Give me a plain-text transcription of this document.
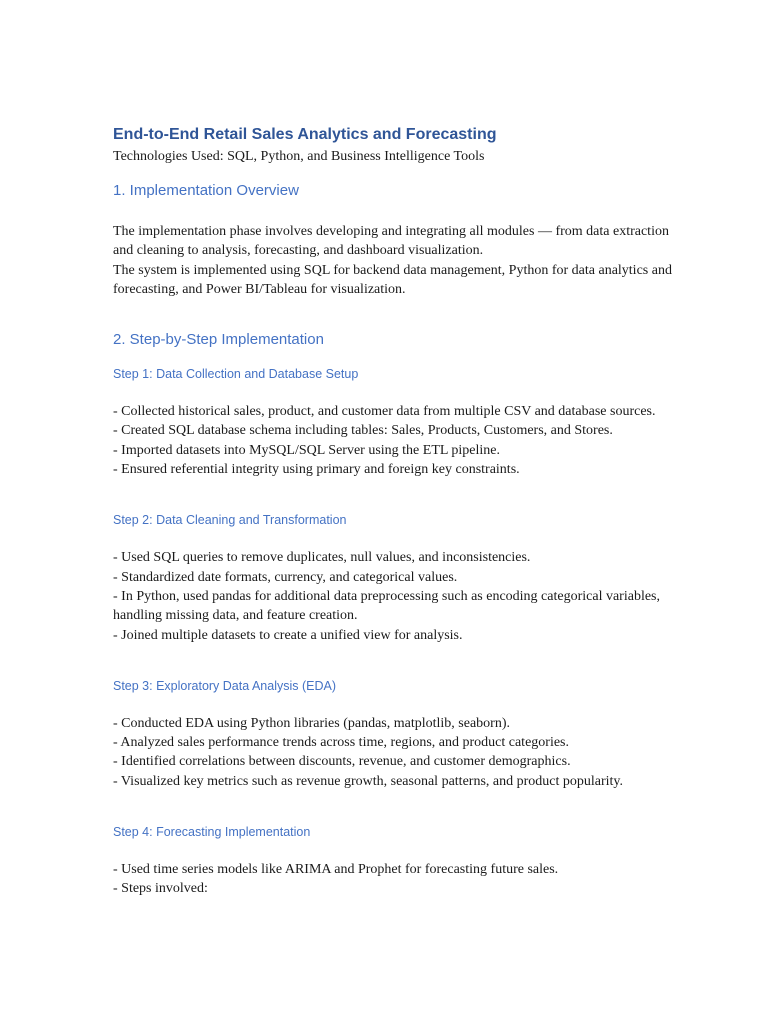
End-to-End Retail Sales Analytics and Forecasting

Technologies Used: SQL, Python, and Business Intelligence Tools

1. Implementation Overview

The implementation phase involves developing and integrating all modules — from data extraction and cleaning to analysis, forecasting, and dashboard visualization.

The system is implemented using SQL for backend data management, Python for data analytics and forecasting, and Power BI/Tableau for visualization.

2. Step-by-Step Implementation
Step 1: Data Collection and Database Setup

- Collected historical sales, product, and customer data from multiple CSV and database sources.

- Created SQL database schema including tables: Sales, Products, Customers, and Stores.

- Imported datasets into MySQL/SQL Server using the ETL pipeline.

- Ensured referential integrity using primary and foreign key constraints.

Step 2: Data Cleaning and Transformation

- Used SQL queries to remove duplicates, null values, and inconsistencies.

- Standardized date formats, currency, and categorical values.

- In Python, used pandas for additional data preprocessing such as encoding categorical variables, handling missing data, and feature creation.

- Joined multiple datasets to create a unified view for analysis.

Step 3: Exploratory Data Analysis (EDA)

- Conducted EDA using Python libraries (pandas, matplotlib, seaborn).

- Analyzed sales performance trends across time, regions, and product categories.

- Identified correlations between discounts, revenue, and customer demographics.

- Visualized key metrics such as revenue growth, seasonal patterns, and product popularity.

Step 4: Forecasting Implementation

- Used time series models like ARIMA and Prophet for forecasting future sales.

- Steps involved:
